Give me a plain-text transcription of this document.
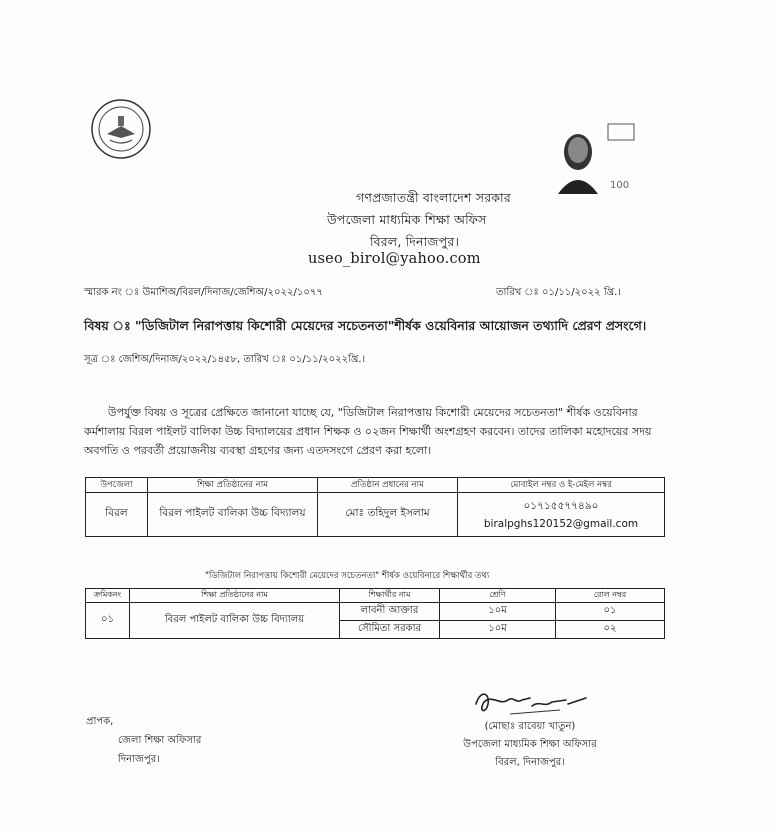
100
গণপ্রজাতন্ত্রী বাংলাদেশ সরকার
উপজেলা মাধ্যমিক শিক্ষা অফিস
বিরল, দিনাজপুর।
useo_birol@yahoo.com
স্মারক নং ঃ উমাশিঅ/বিরল/দিনাজ/জেশিঅ/২০২২/১০৭৭	তারিখ ঃ ০১/১১/২০২২ খ্রি.।
বিষয় ঃ "ডিজিটাল নিরাপত্তায় কিশোরী মেয়েদের সচেতনতা"শীর্ষক ওয়েবিনার আয়োজন তথ্যাদি প্রেরণ প্রসংগে।
সূত্র ঃ জেশিঅ/দিনাজ/২০২২/১৪৫৮, তারিখ ঃ ০১/১১/২০২২খ্রি.।

উপর্যুক্ত বিষয় ও সূত্রের প্রেক্ষিতে জানানো যাচ্ছে যে, "ডিজিটাল নিরাপত্তায় কিশোরী মেয়েদের সচেতনতা" শীর্ষক ওয়েবিনার কর্মশালায় বিরল পাইলট বালিকা উচ্চ বিদ্যালয়ের প্রধান শিক্ষক ও ০২জন শিক্ষার্থী অংশগ্রহণ করবেন। তাদের তালিকা মহোদয়ের সদয় অবগতি ও পরবর্তী প্রয়োজনীয় ব্যবস্থা গ্রহণের জন্য এতদসংগে প্রেরণ করা হলো।

উপজেলা	শিক্ষা প্রতিষ্ঠানের নাম	প্রতিষ্ঠান প্রধানের নাম	মোবাইল নম্বর ও ই-মেইল নম্বর
বিরল	বিরল পাইলট বালিকা উচ্চ বিদ্যালয়	মোঃ তহিদুল ইসলাম	০১৭১৫৫৭৭৪৯০
biralpghs120152@gmail.com
"ডিজিটাল নিরাপত্তায় কিশোরী মেয়েদের সচেতনতা" শীর্ষক ওয়েবিনারে শিক্ষার্থীর তথ্য
ক্রমিকনং	শিক্ষা প্রতিষ্ঠানের নাম	শিক্ষার্থীর নাম	শ্রেণি	রোল নম্বর
০১	বিরল পাইলট বালিকা উচ্চ বিদ্যালয়	লাবনী আক্তার	১০ম	০১
		সৌমিতা সরকার	১০ম	০২
প্রাপক,
জেলা শিক্ষা অফিসার
দিনাজপুর।
(মোছাঃ রাবেয়া খাতুন)
উপজেলা মাধ্যমিক শিক্ষা অফিসার
বিরল, দিনাজপুর।
